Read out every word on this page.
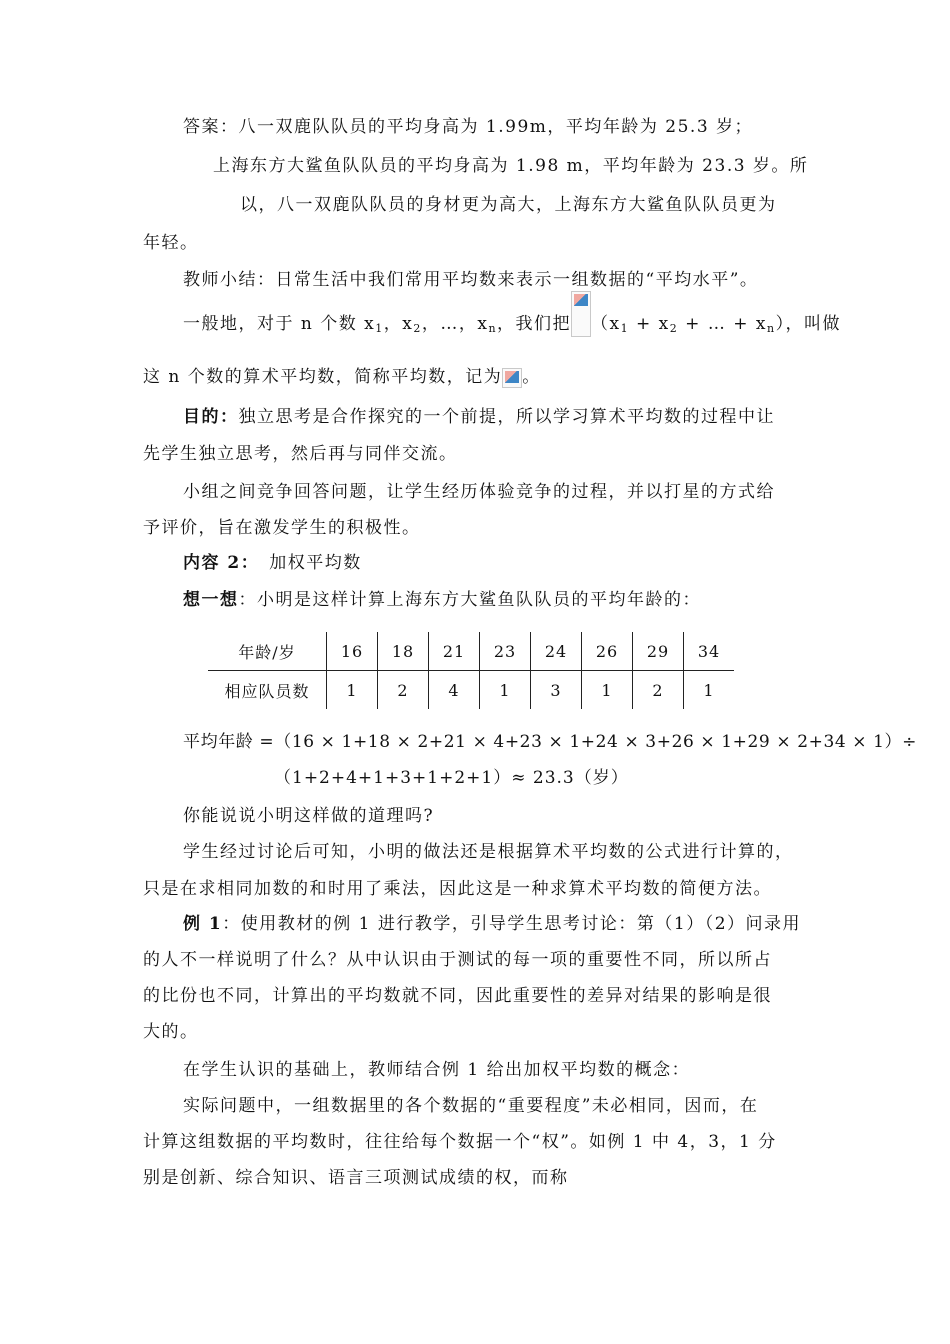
答案：八一双鹿队队员的平均身高为 1.99m，平均年龄为 25.3 岁；
上海东方大鲨鱼队队员的平均身高为 1.98 m，平均年龄为 23.3 岁。所
以，八一双鹿队队员的身材更为高大，上海东方大鲨鱼队队员更为
年轻。
教师小结：日常生活中我们常用平均数来表示一组数据的“平均水平”。
一般地，对于 n 个数 $x_1$，$x_2$，…，$x_n$，我们把 （$x_1 + x_2$ + … + $x_n$），叫做
这 n 个数的算术平均数，简称平均数，记为 。
目的：独立思考是合作探究的一个前提，所以学习算术平均数的过程中让
先学生独立思考，然后再与同伴交流。
小组之间竞争回答问题，让学生经历体验竞争的过程，并以打星的方式给
予评价，旨在激发学生的积极性。
内容 2： 加权平均数
想一想：小明是这样计算上海东方大鲨鱼队队员的平均年龄的：
年龄/岁	16	18	21	23	24	26	29	34
相应队员数	1	2	4	1	3	1	2	1
平均年龄 =（16 × 1+18 × 2+21 × 4+23 × 1+24 × 3+26 × 1+29 × 2+34 × 1）÷
（1+2+4+1+3+1+2+1）≈ 23.3（岁）
你能说说小明这样做的道理吗?
学生经过讨论后可知，小明的做法还是根据算术平均数的公式进行计算的，
只是在求相同加数的和时用了乘法，因此这是一种求算术平均数的简便方法。
例 1：使用教材的例 1 进行教学，引导学生思考讨论：第（1）（2）问录用
的人不一样说明了什么？从中认识由于测试的每一项的重要性不同，所以所占
的比份也不同，计算出的平均数就不同，因此重要性的差异对结果的影响是很
大的。
在学生认识的基础上，教师结合例 1 给出加权平均数的概念：
实际问题中，一组数据里的各个数据的“重要程度”未必相同，因而，在
计算这组数据的平均数时，往往给每个数据一个“权”。如例 1 中 4，3，1 分
别是创新、综合知识、语言三项测试成绩的权，而称
